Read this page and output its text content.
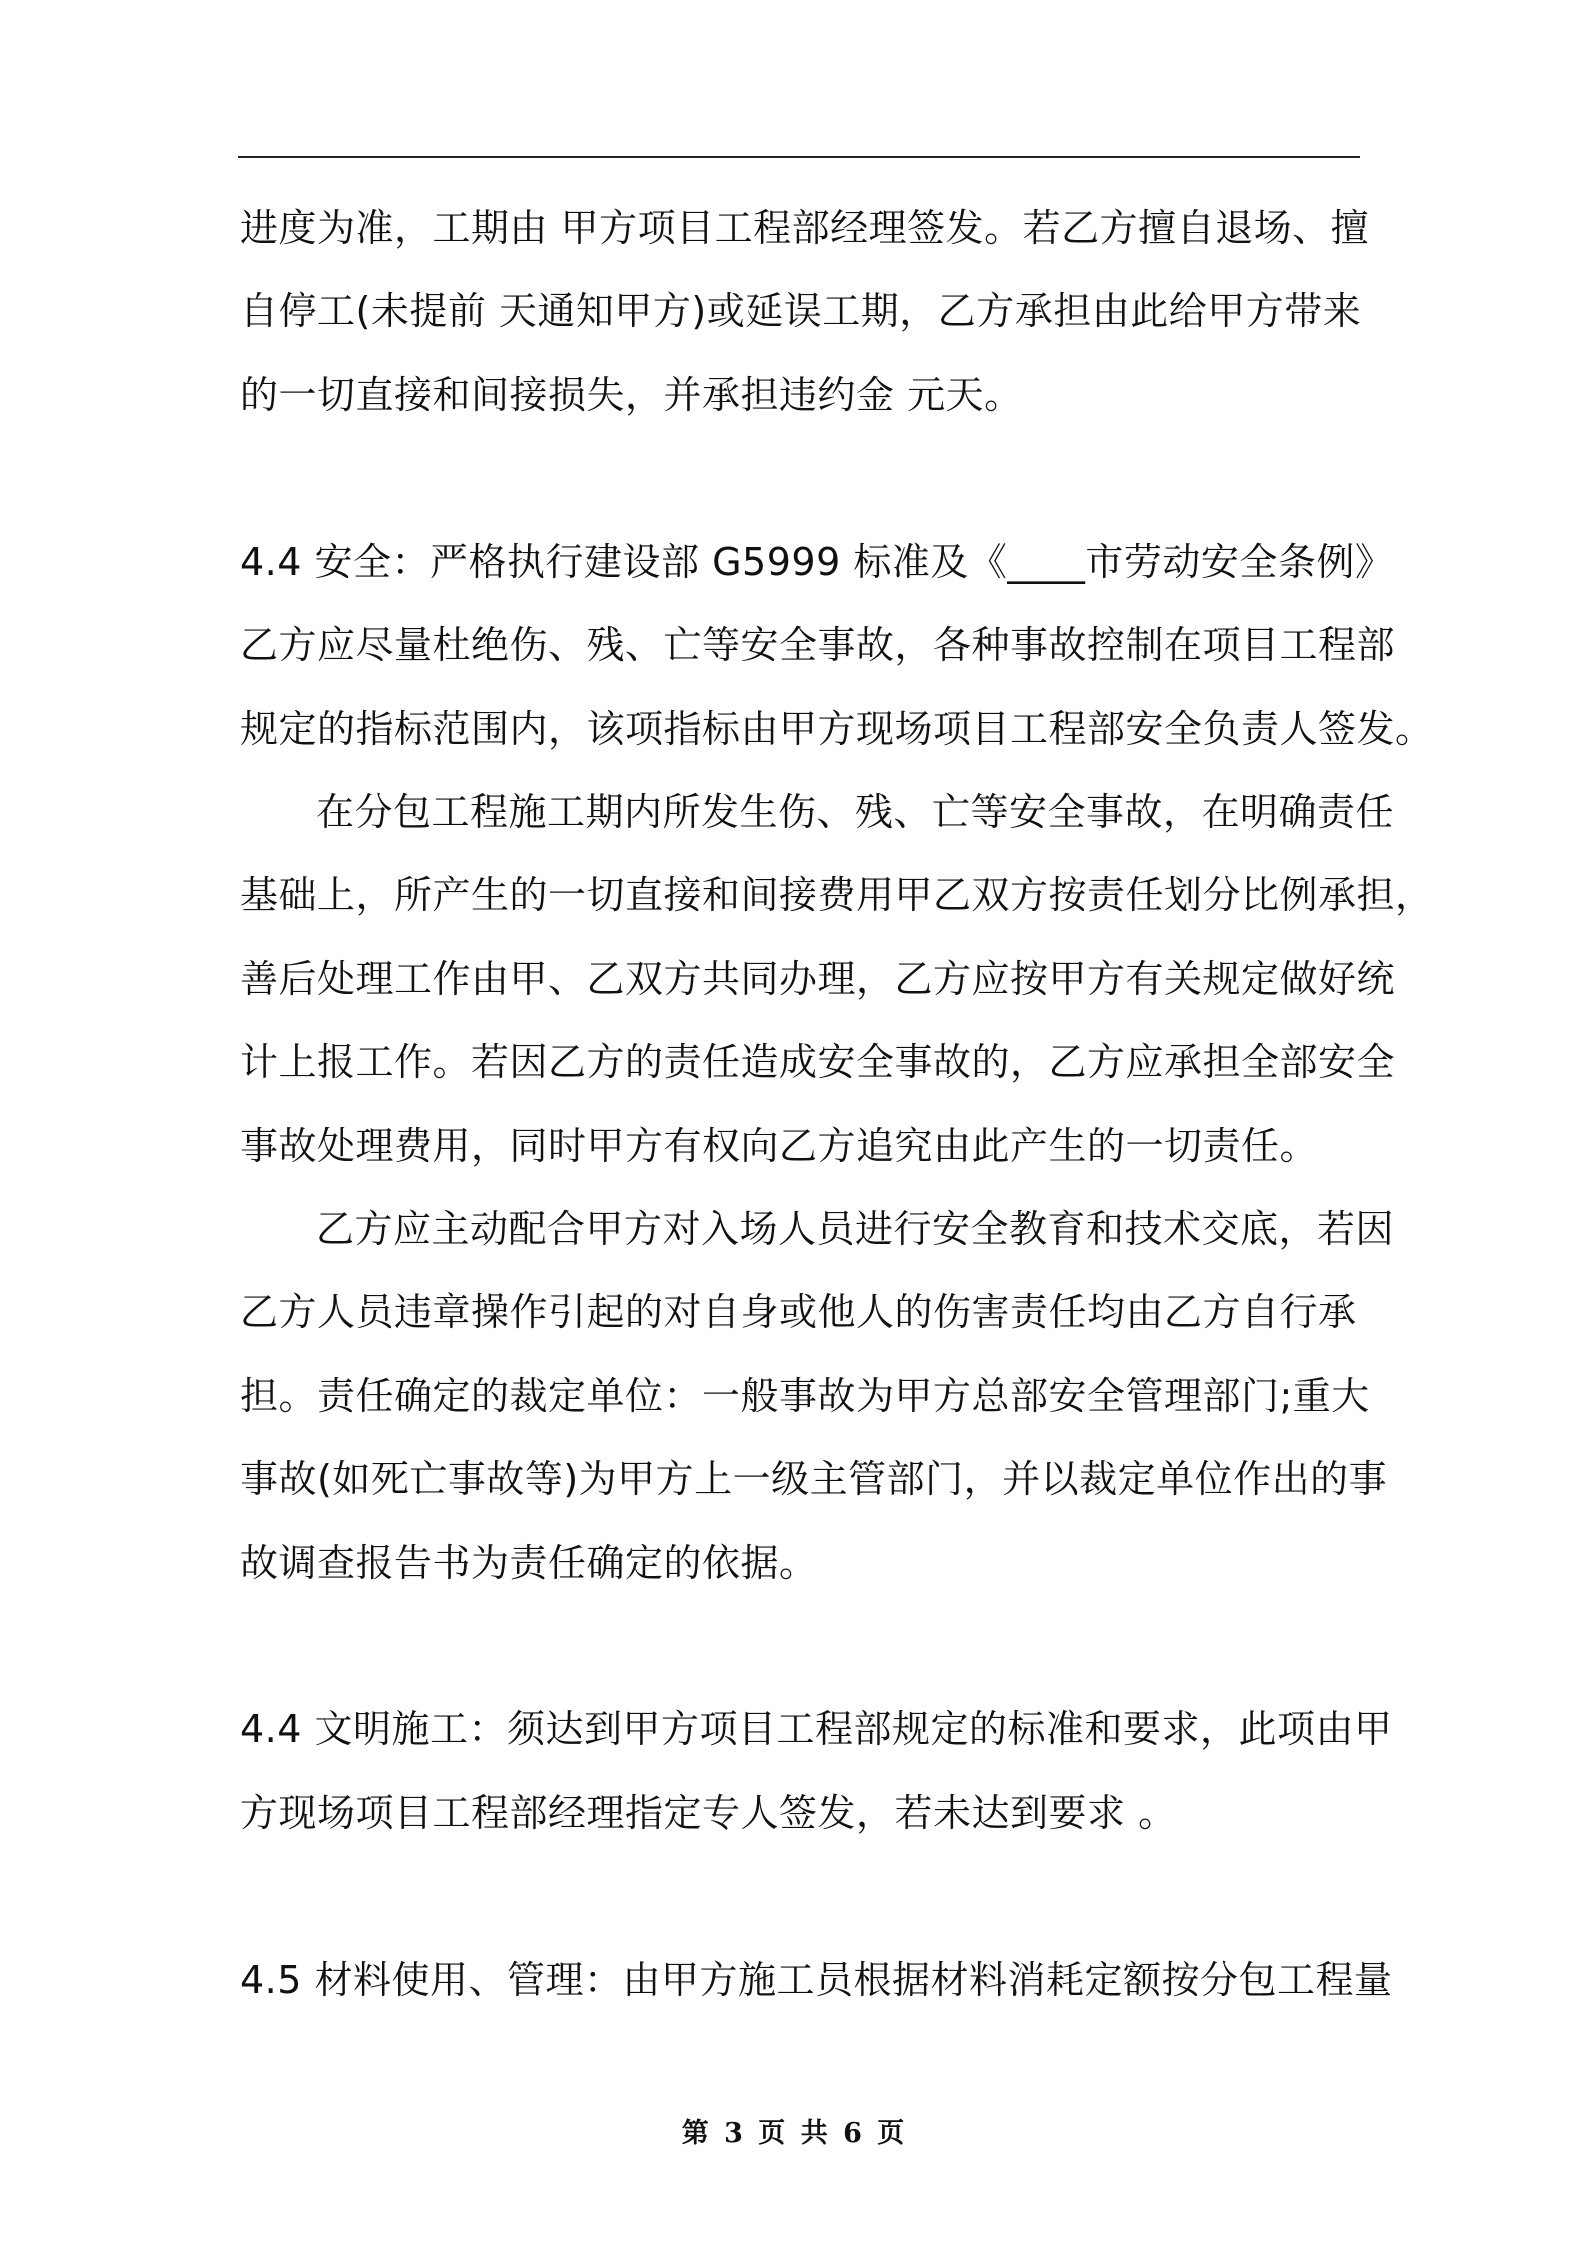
进度为准，工期由 甲方项目工程部经理签发。若乙方擅自退场、擅
自停工(未提前 天通知甲方)或延误工期，乙方承担由此给甲方带来
的一切直接和间接损失，并承担违约金 元天。
4.4 安全：严格执行建设部 G5999 标准及《____市劳动安全条例》
乙方应尽量杜绝伤、残、亡等安全事故，各种事故控制在项目工程部
规定的指标范围内，该项指标由甲方现场项目工程部安全负责人签发。
在分包工程施工期内所发生伤、残、亡等安全事故，在明确责任
基础上，所产生的一切直接和间接费用甲乙双方按责任划分比例承担，
善后处理工作由甲、乙双方共同办理，乙方应按甲方有关规定做好统
计上报工作。若因乙方的责任造成安全事故的，乙方应承担全部安全
事故处理费用，同时甲方有权向乙方追究由此产生的一切责任。
乙方应主动配合甲方对入场人员进行安全教育和技术交底，若因
乙方人员违章操作引起的对自身或他人的伤害责任均由乙方自行承
担。责任确定的裁定单位：一般事故为甲方总部安全管理部门;重大
事故(如死亡事故等)为甲方上一级主管部门，并以裁定单位作出的事
故调查报告书为责任确定的依据。
4.4 文明施工：须达到甲方项目工程部规定的标准和要求，此项由甲
方现场项目工程部经理指定专人签发，若未达到要求 。
4.5 材料使用、管理：由甲方施工员根据材料消耗定额按分包工程量
第 3 页 共 6 页
